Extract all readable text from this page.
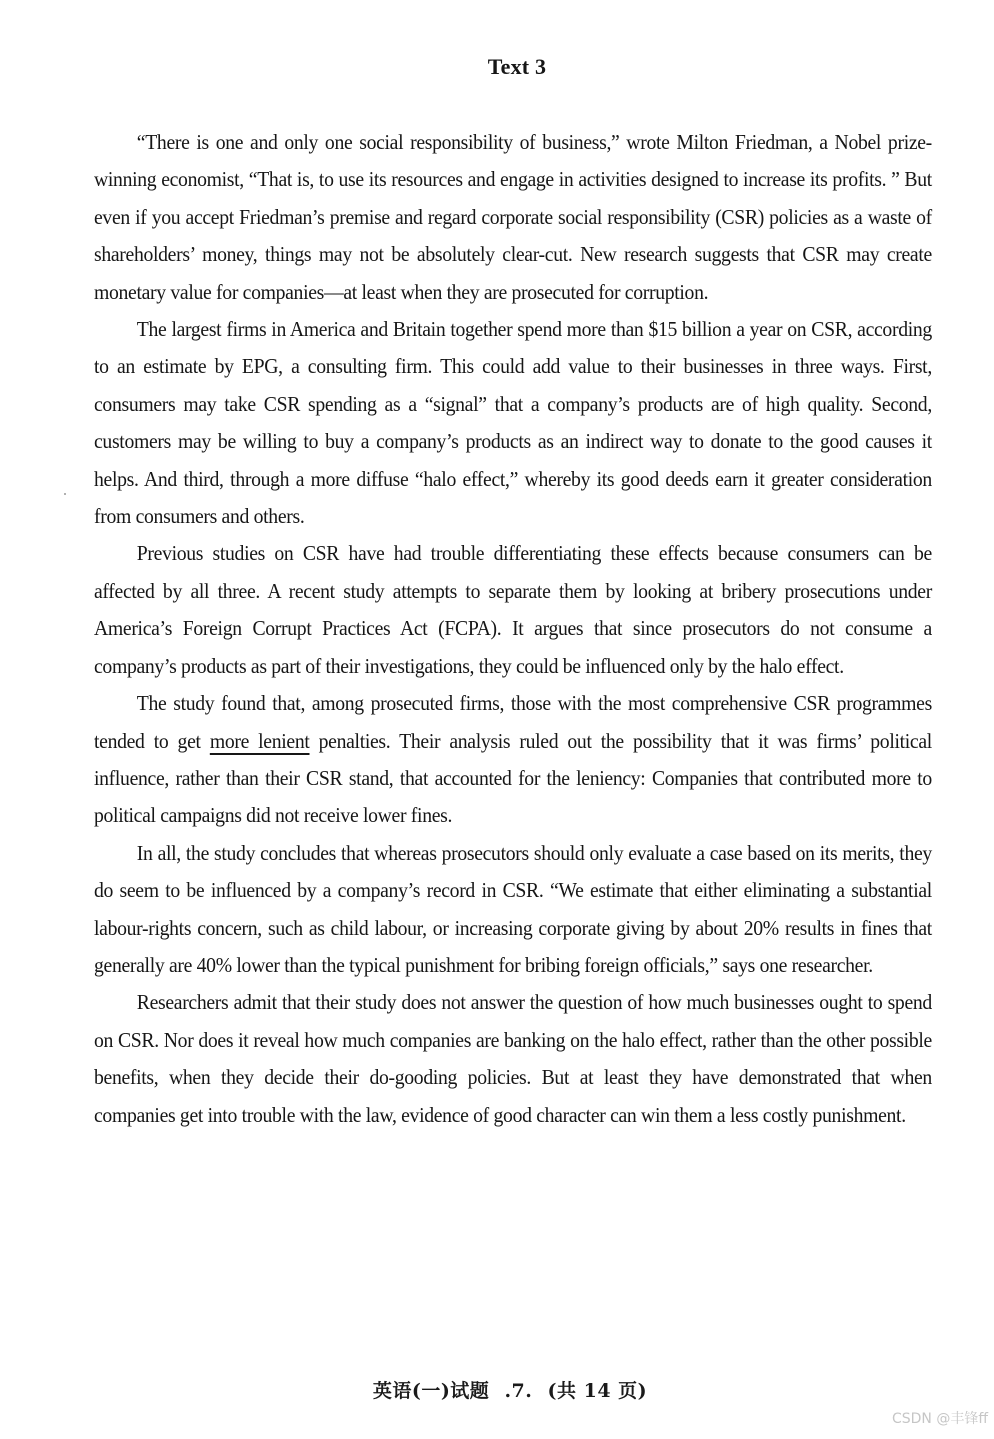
Text 3

“There is one and only one social responsibility of business,” wrote Milton Friedman, a Nobel prize-winning economist, “That is, to use its resources and engage in activities designed to increase its profits. ” But even if you accept Friedman’s premise and regard corporate social responsibility (CSR) policies as a waste of shareholders’ money, things may not be absolutely clear-cut. New research suggests that CSR may create monetary value for companies—at least when they are prosecuted for corruption.

The largest firms in America and Britain together spend more than $15 billion a year on CSR, according to an estimate by EPG, a consulting firm. This could add value to their businesses in three ways. First, consumers may take CSR spending as a “signal” that a company’s products are of high quality. Second, customers may be willing to buy a company’s products as an indirect way to donate to the good causes it helps. And third, through a more diffuse “halo effect,” whereby its good deeds earn it greater consideration from consumers and others.

Previous studies on CSR have had trouble differentiating these effects because consumers can be affected by all three. A recent study attempts to separate them by looking at bribery prosecutions under America’s Foreign Corrupt Practices Act (FCPA). It argues that since prosecutors do not consume a company’s products as part of their investigations, they could be influenced only by the halo effect.

The study found that, among prosecuted firms, those with the most comprehensive CSR programmes tended to get more lenient penalties. Their analysis ruled out the possibility that it was firms’ political influence, rather than their CSR stand, that accounted for the leniency: Companies that contributed more to political campaigns did not receive lower fines.

In all, the study concludes that whereas prosecutors should only evaluate a case based on its merits, they do seem to be influenced by a company’s record in CSR. “We estimate that either eliminating a substantial labour-rights concern, such as child labour, or increasing corporate giving by about 20% results in fines that generally are 40% lower than the typical punishment for bribing foreign officials,” says one researcher.

Researchers admit that their study does not answer the question of how much businesses ought to spend on CSR. Nor does it reveal how much companies are banking on the halo effect, rather than the other possible benefits, when they decide their do-gooding policies. But at least they have demonstrated that when companies get into trouble with the law, evidence of good character can win them a less costly punishment.

英语(一)试题 .7. (共 14 页)
CSDN @丰锋ff
